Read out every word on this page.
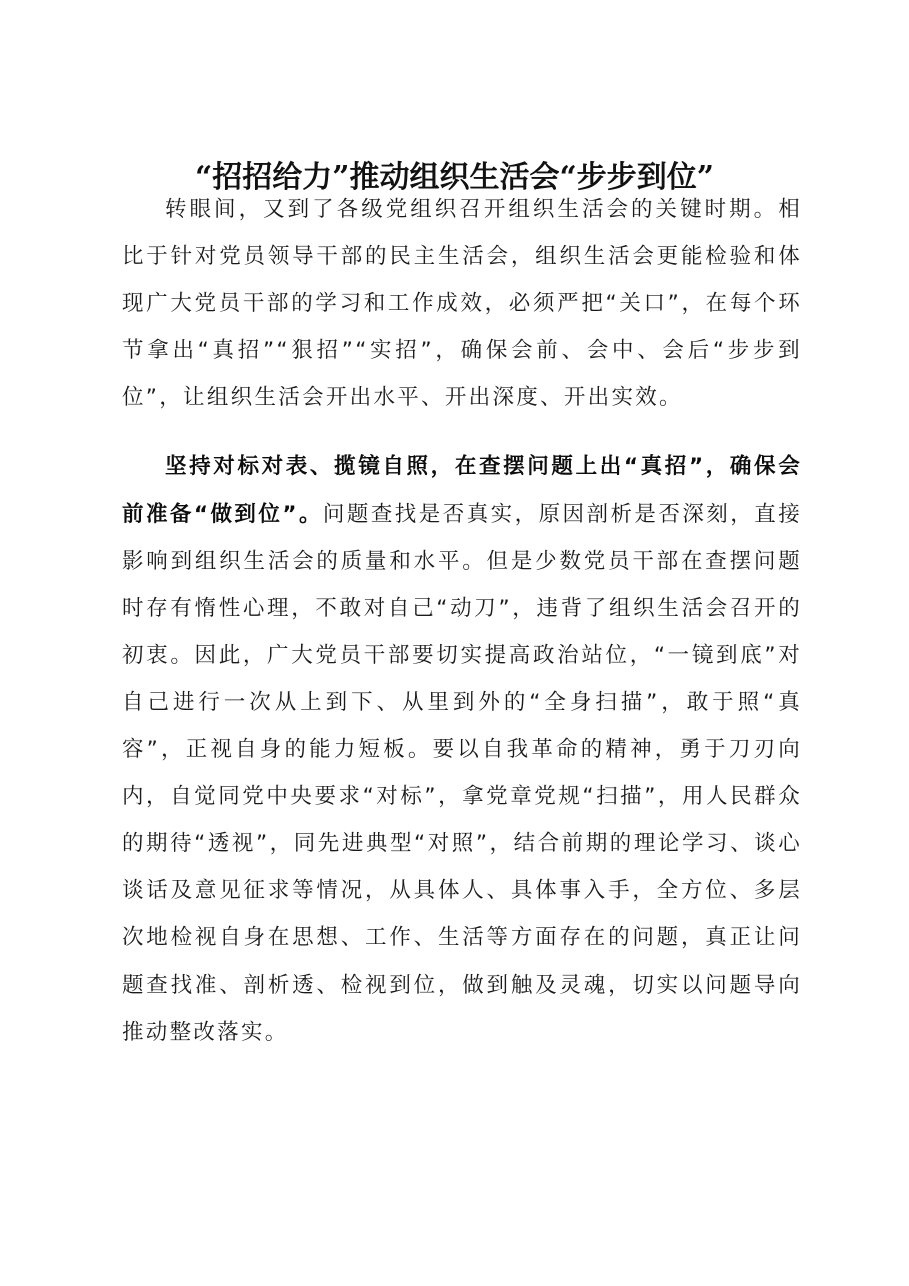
“招招给力”推动组织生活会“步步到位”

转眼间，又到了各级党组织召开组织生活会的关键时期。相比于针对党员领导干部的民主生活会，组织生活会更能检验和体现广大党员干部的学习和工作成效，必须严把“关口”，在每个环节拿出“真招”“狠招”“实招”，确保会前、会中、会后“步步到位”，让组织生活会开出水平、开出深度、开出实效。

坚持对标对表、揽镜自照，在查摆问题上出“真招”，确保会前准备“做到位”。问题查找是否真实，原因剖析是否深刻，直接影响到组织生活会的质量和水平。但是少数党员干部在查摆问题时存有惰性心理，不敢对自己“动刀”，违背了组织生活会召开的初衷。因此，广大党员干部要切实提高政治站位，“一镜到底”对自己进行一次从上到下、从里到外的“全身扫描”，敢于照“真容”，正视自身的能力短板。要以自我革命的精神，勇于刀刃向内，自觉同党中央要求“对标”，拿党章党规“扫描”，用人民群众的期待“透视”，同先进典型“对照”，结合前期的理论学习、谈心谈话及意见征求等情况，从具体人、具体事入手，全方位、多层次地检视自身在思想、工作、生活等方面存在的问题，真正让问题查找准、剖析透、检视到位，做到触及灵魂，切实以问题导向推动整改落实。
